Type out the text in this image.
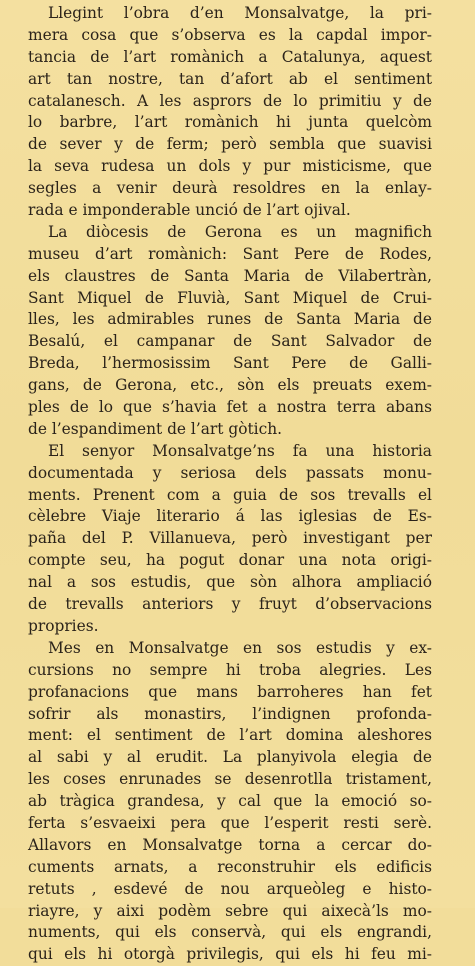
Llegint l’obra d’en Monsalvatge, la pri-
mera cosa que s’observa es la capdal impor-
tancia de l’art romànich a Catalunya, aquest
art tan nostre, tan d’afort ab el sentiment
catalanesch. A les asprors de lo primitiu y de
lo barbre, l’art romànich hi junta quelcòm
de sever y de ferm; però sembla que suavisi
la seva rudesa un dols y pur misticisme, que
segles a venir deurà resoldres en la enlay-
rada e imponderable unció de l’art ojival.
La diòcesis de Gerona es un magnifich
museu d’art romànich: Sant Pere de Rodes,
els claustres de Santa Maria de Vilabertràn,
Sant Miquel de Fluvià, Sant Miquel de Crui-
lles, les admirables runes de Santa Maria de
Besalú, el campanar de Sant Salvador de
Breda, l’hermosissim Sant Pere de Galli-
gans, de Gerona, etc., sòn els preuats exem-
ples de lo que s’havia fet a nostra terra abans
de l’espandiment de l’art gòtich.
El senyor Monsalvatge’ns fa una historia
documentada y seriosa dels passats monu-
ments. Prenent com a guia de sos trevalls el
cèlebre Viaje literario á las iglesias de Es-
paña del P. Villanueva, però investigant per
compte seu, ha pogut donar una nota origi-
nal a sos estudis, que sòn alhora ampliació
de trevalls anteriors y fruyt d’observacions
propries.
Mes en Monsalvatge en sos estudis y ex-
cursions no sempre hi troba alegries. Les
profanacions que mans barroheres han fet
sofrir als monastirs, l’indignen profonda-
ment: el sentiment de l’art domina aleshores
al sabi y al erudit. La planyivola elegia de
les coses enrunades se desenrotlla tristament,
ab tràgica grandesa, y cal que la emoció so-
ferta s’esvaeixi pera que l’esperit resti serè.
Allavors en Monsalvatge torna a cercar do-
cuments arnats, a reconstruhir els edificis
retuts , esdevé de nou arqueòleg e histo-
riayre, y aixi podèm sebre qui aixecà’ls mo-
numents, qui els conservà, qui els engrandi,
qui els hi otorgà privilegis, qui els hi feu mi-
